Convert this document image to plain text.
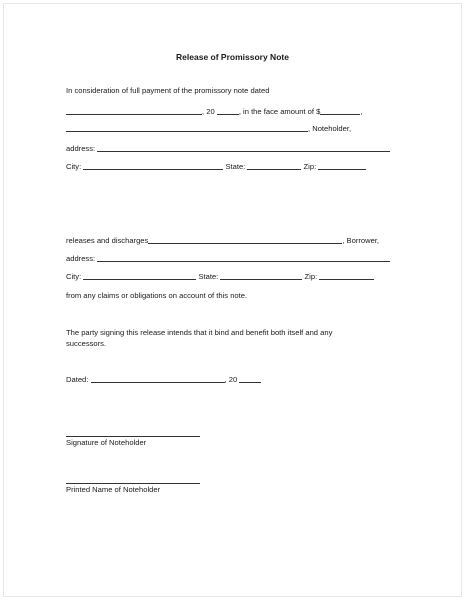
Release of Promissory Note
In consideration of full payment of the promissory note dated
, 20	, in the face amount of $	,
, Noteholder,
address:
City:	State:	Zip:
releases and discharges	, Borrower,
address:
City:	State:	Zip:
from any claims or obligations on account of this note.
The party signing this release intends that it bind and benefit both itself and any
successors.
Dated:	, 20
Signature of Noteholder
Printed Name of Noteholder
